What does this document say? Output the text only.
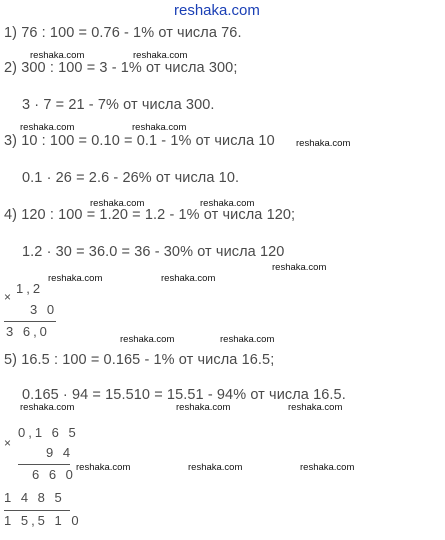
reshaka.com
1) 76 : 100 = 0.76 - 1% от числа 76.
reshaka.com	reshaka.com
2) 300 : 100 = 3 - 1% от числа 300;
3 · 7 = 21 - 7% от числа 300.
reshaka.com	reshaka.com
3) 10 : 100 = 0.10 = 0.1 - 1% от числа 10 reshaka.com
0.1 · 26 = 2.6 - 26% от числа 10.
reshaka.com	reshaka.com
4) 120 : 100 = 1.20 = 1.2 - 1% от числа 120;
1.2 · 30 = 36.0 = 36 - 30% от числа 120
reshaka.com
reshaka.com	reshaka.com
×
1,2
3 0
3 6,0
reshaka.com	reshaka.com
5) 16.5 : 100 = 0.165 - 1% от числа 16.5;
0.165 · 94 = 15.510 = 15.51 - 94% от числа 16.5.
reshaka.com	reshaka.com	reshaka.com
×
0,1 6 5
9 4
6 6 0 reshaka.com	reshaka.com	reshaka.com
1 4 8 5
1 5,5 1 0
